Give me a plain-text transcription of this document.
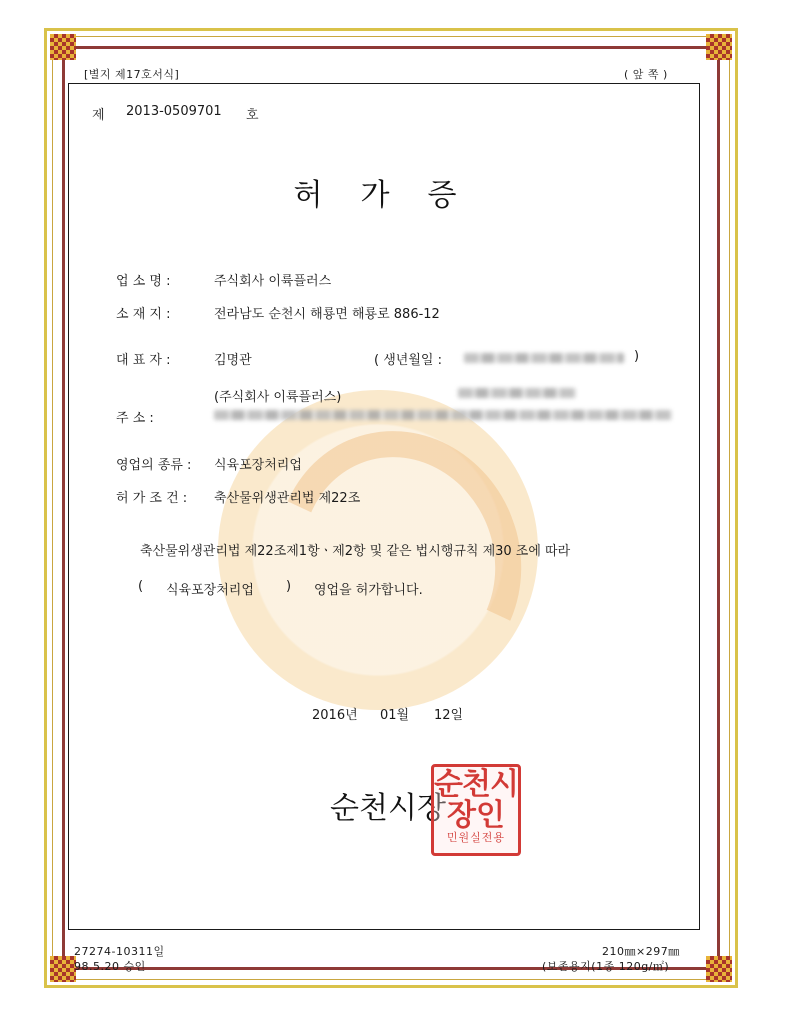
[별지 제17호서식]	( 앞 쪽 )
제 2013-0509701 호
허가증
업 소 명 :	주식회사 이륙플러스
소 재 지 :	전라남도 순천시 해룡면 해룡로 886-12
대 표 자 :	김명관	( 생년월일 :	)
(주식회사 이륙플러스)
주 소 :
영업의 종류 : 식육포장처리업
허 가 조 건 : 축산물위생관리법 제22조
축산물위생관리법 제22조제1항ㆍ제2항 및 같은 법시행규칙 제30 조에 따라
( 식육포장처리업 ) 영업을 허가합니다.
2016년 01월 12일
순천시장
순천시
장인
민원실전용
27274-10311일
98.5.20 승인
210㎜×297㎜
(보존용지(1종 120g/㎡)
